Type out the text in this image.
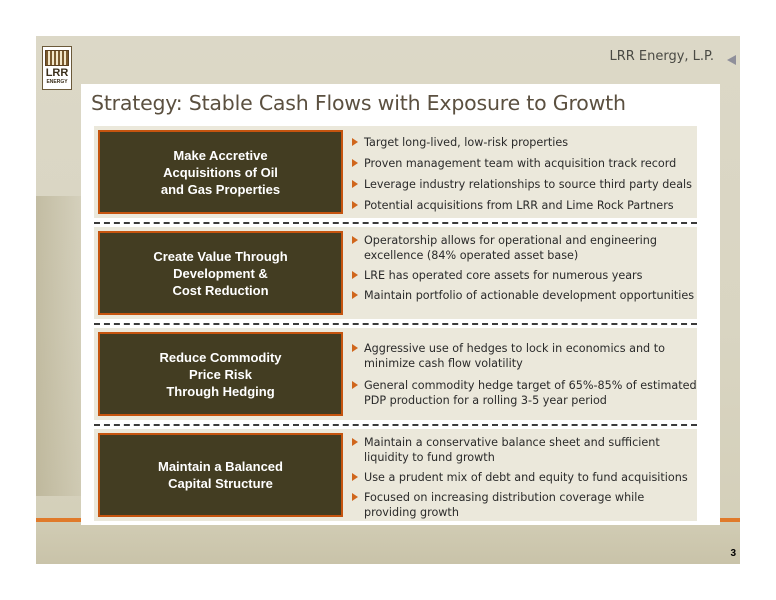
LRR
ENERGY
LRR Energy, L.P.
Strategy: Stable Cash Flows with Exposure to Growth
Make Accretive
Acquisitions of Oil
and Gas Properties
Target long-lived, low-risk properties
Proven management team with acquisition track record
Leverage industry relationships to source third party deals
Potential acquisitions from LRR and Lime Rock Partners
Create Value Through
Development &
Cost Reduction
Operatorship allows for operational and engineering excellence (84% operated asset base)
LRE has operated core assets for numerous years
Maintain portfolio of actionable development opportunities
Reduce Commodity
Price Risk
Through Hedging
Aggressive use of hedges to lock in economics and to minimize cash flow volatility
General commodity hedge target of 65%-85% of estimated PDP production for a rolling 3-5 year period
Maintain a Balanced
Capital Structure
Maintain a conservative balance sheet and sufficient liquidity to fund growth
Use a prudent mix of debt and equity to fund acquisitions
Focused on increasing distribution coverage while providing growth
3
